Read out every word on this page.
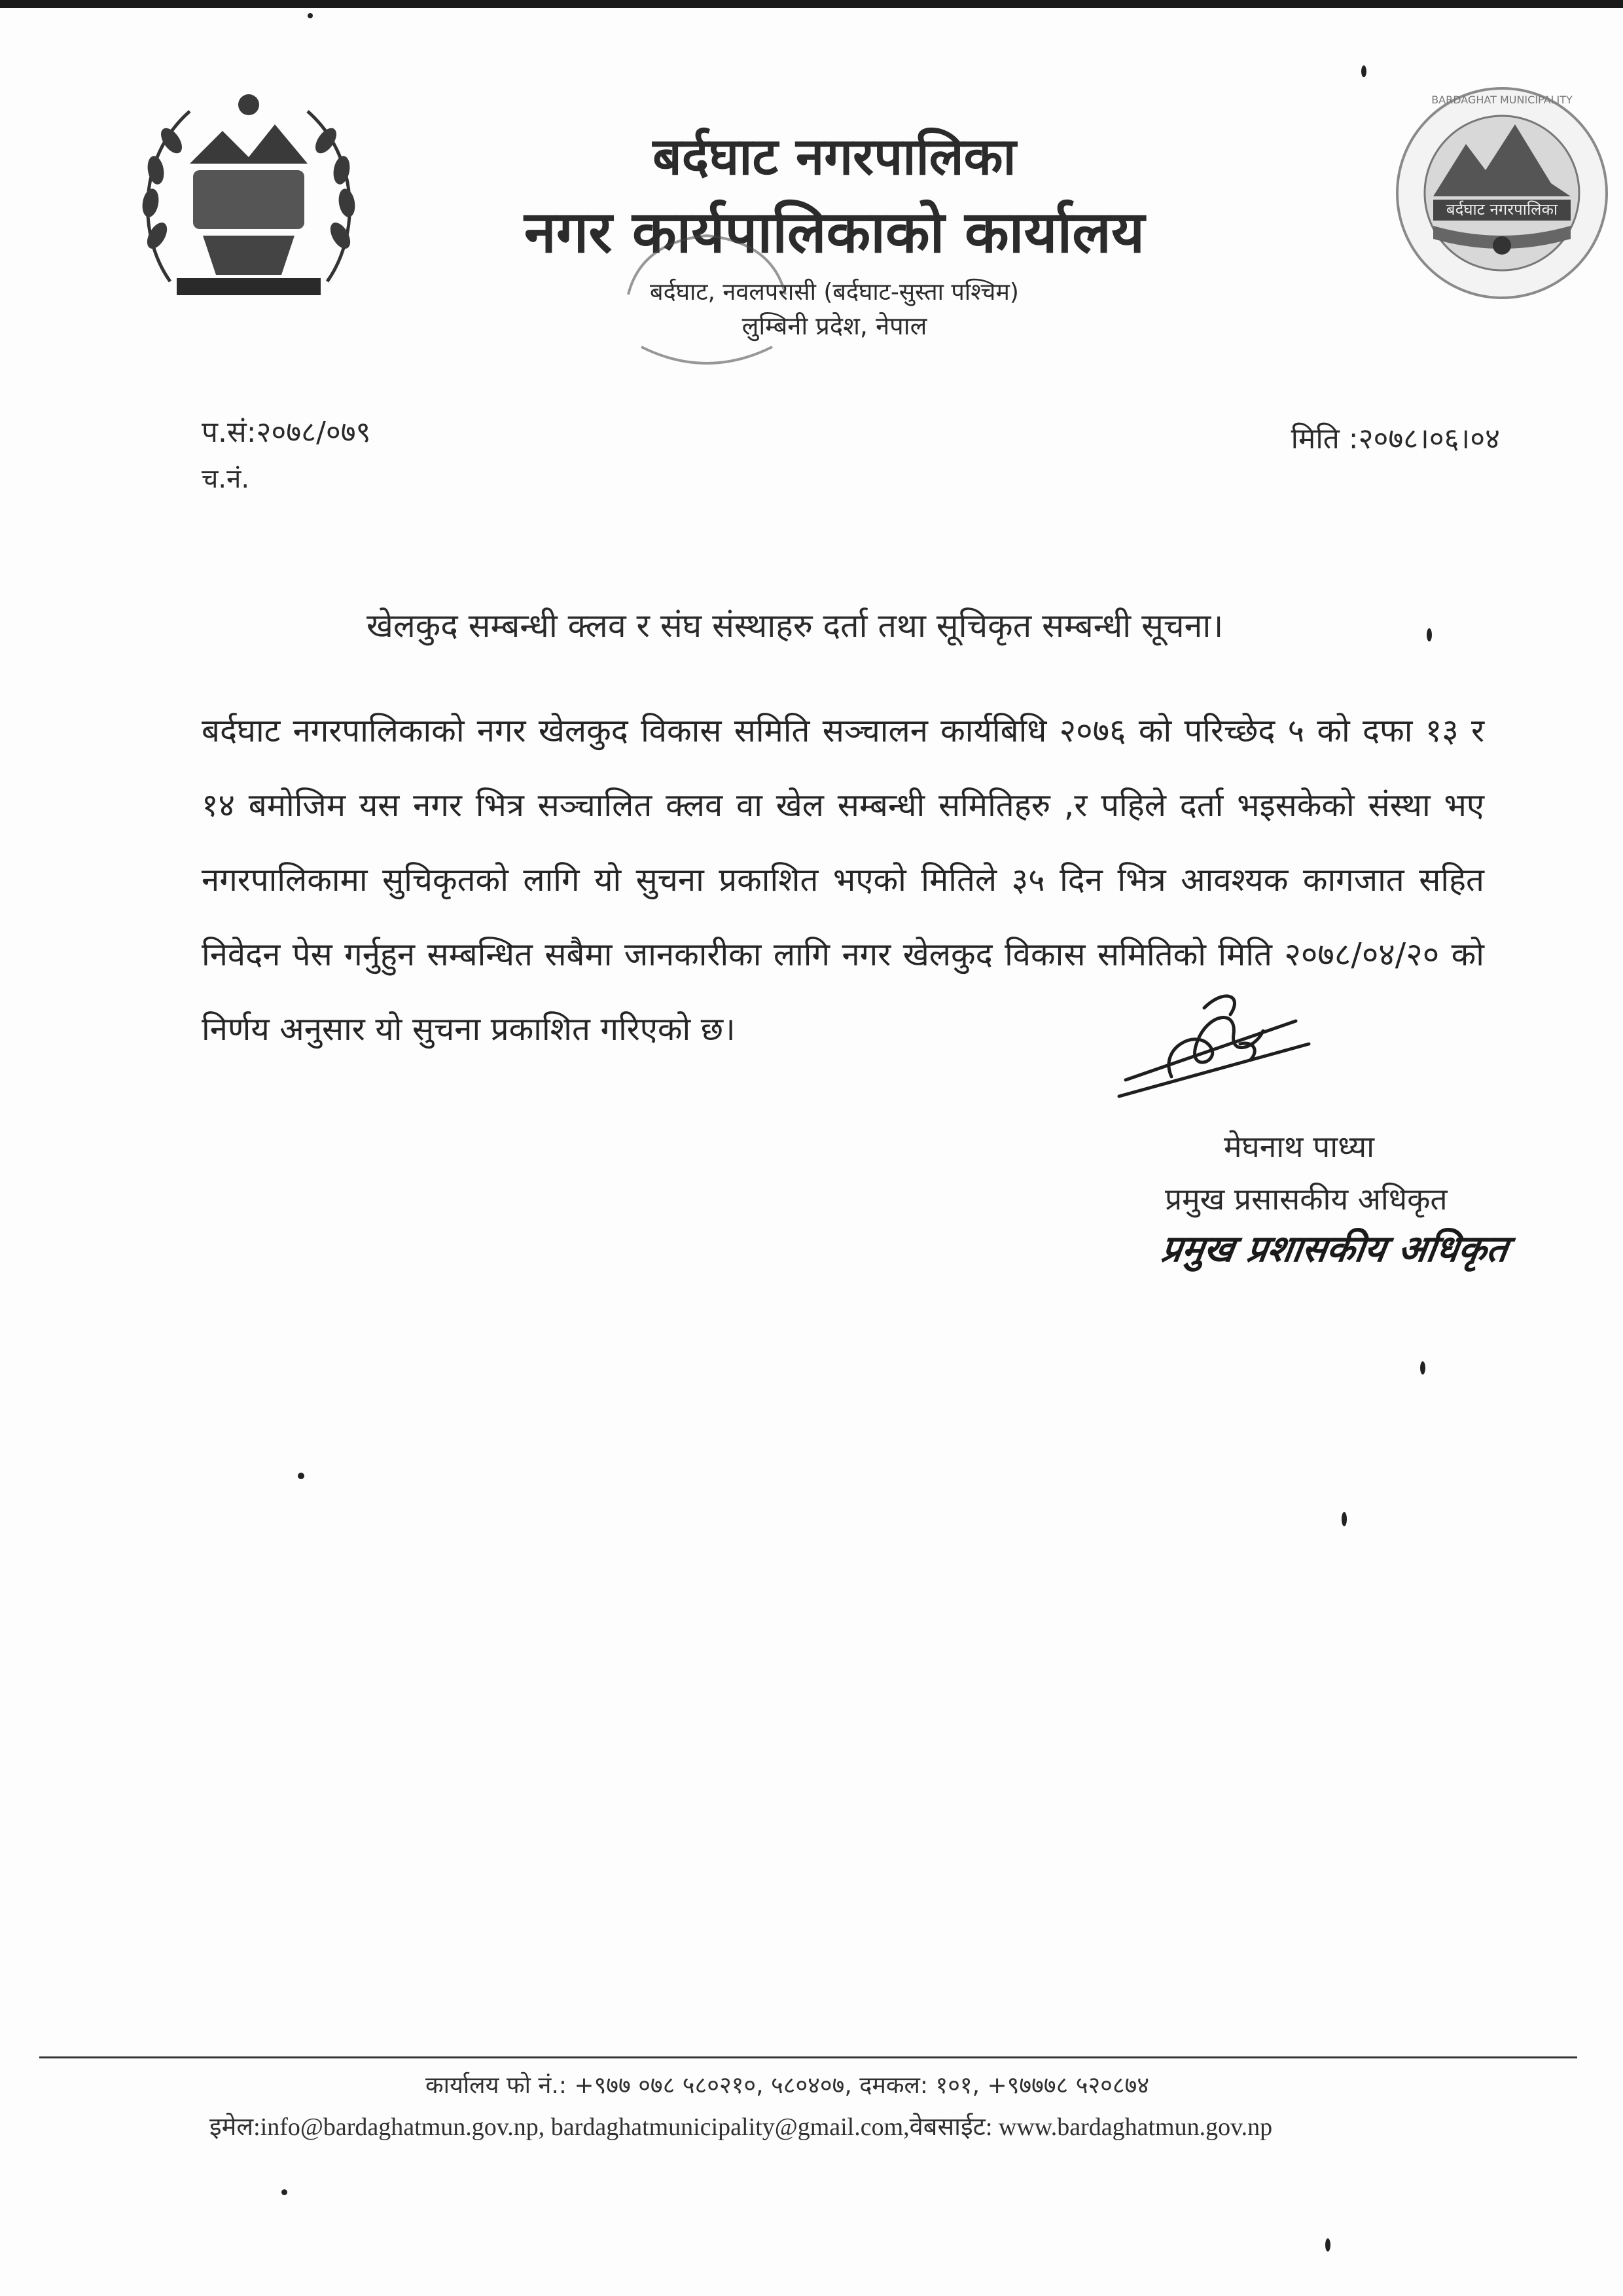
बर्दघाट नगरपालिका
BARDAGHAT MUNICIPALITY
बर्दघाट नगरपालिका
नगर कार्यपालिकाको कार्यालय
बर्दघाट, नवलपरासी (बर्दघाट-सुस्ता पश्चिम)
लुम्बिनी प्रदेश, नेपाल
प.सं:२०७८/०७९
च.नं.
मिति :२०७८।०६।०४
खेलकुद सम्बन्धी क्लव र संघ संस्थाहरु दर्ता तथा सूचिकृत सम्बन्धी सूचना।
बर्दघाट नगरपालिकाको नगर खेलकुद विकास समिति सञ्चालन कार्यबिधि २०७६ को परिच्छेद ५ को दफा १३ र १४ बमोजिम यस नगर भित्र सञ्चालित क्लव वा खेल सम्बन्धी समितिहरु ,र पहिले दर्ता भइसकेको संस्था भए नगरपालिकामा सुचिकृतको लागि यो सुचना प्रकाशित भएको मितिले ३५ दिन भित्र आवश्यक कागजात सहित निवेदन पेस गर्नुहुन सम्बन्धित सबैमा जानकारीका लागि नगर खेलकुद विकास समितिको मिति २०७८/०४/२० को निर्णय अनुसार यो सुचना प्रकाशित गरिएको छ।
मेघनाथ पाध्या
प्रमुख प्रसासकीय अधिकृत
प्रमुख प्रशासकीय अधिकृत
कार्यालय फो नं.: +९७७ ०७८ ५८०२१०, ५८०४०७, दमकल: १०१, +९७७७८ ५२०८७४
इमेल:info@bardaghatmun.gov.np, bardaghatmunicipality@gmail.com,वेबसाईट: www.bardaghatmun.gov.np
